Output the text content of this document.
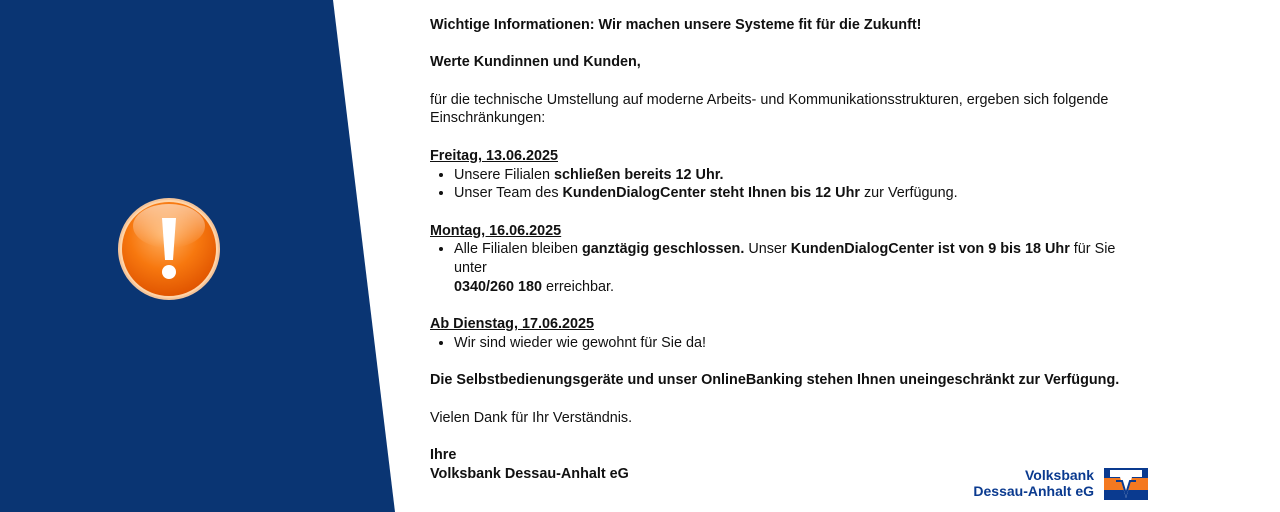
Wichtige Informationen: Wir machen unsere Systeme fit für die Zukunft!

Werte Kundinnen und Kunden,

für die technische Umstellung auf moderne Arbeits- und Kommunikationsstrukturen, ergeben sich folgende Einschränkungen:

Freitag, 13.06.2025
• Unsere Filialen schließen bereits 12 Uhr.
• Unser Team des KundenDialogCenter steht Ihnen bis 12 Uhr zur Verfügung.
Montag, 16.06.2025
• Alle Filialen bleiben ganztägig geschlossen. Unser KundenDialogCenter ist von 9 bis 18 Uhr für Sie unter
0340/260 180 erreichbar.
Ab Dienstag, 17.06.2025
• Wir sind wieder wie gewohnt für Sie da!

Die Selbstbedienungsgeräte und unser OnlineBanking stehen Ihnen uneingeschränkt zur Verfügung.

Vielen Dank für Ihr Verständnis.

Ihre
Volksbank Dessau-Anhalt eG	Volksbank
Dessau-Anhalt eG
